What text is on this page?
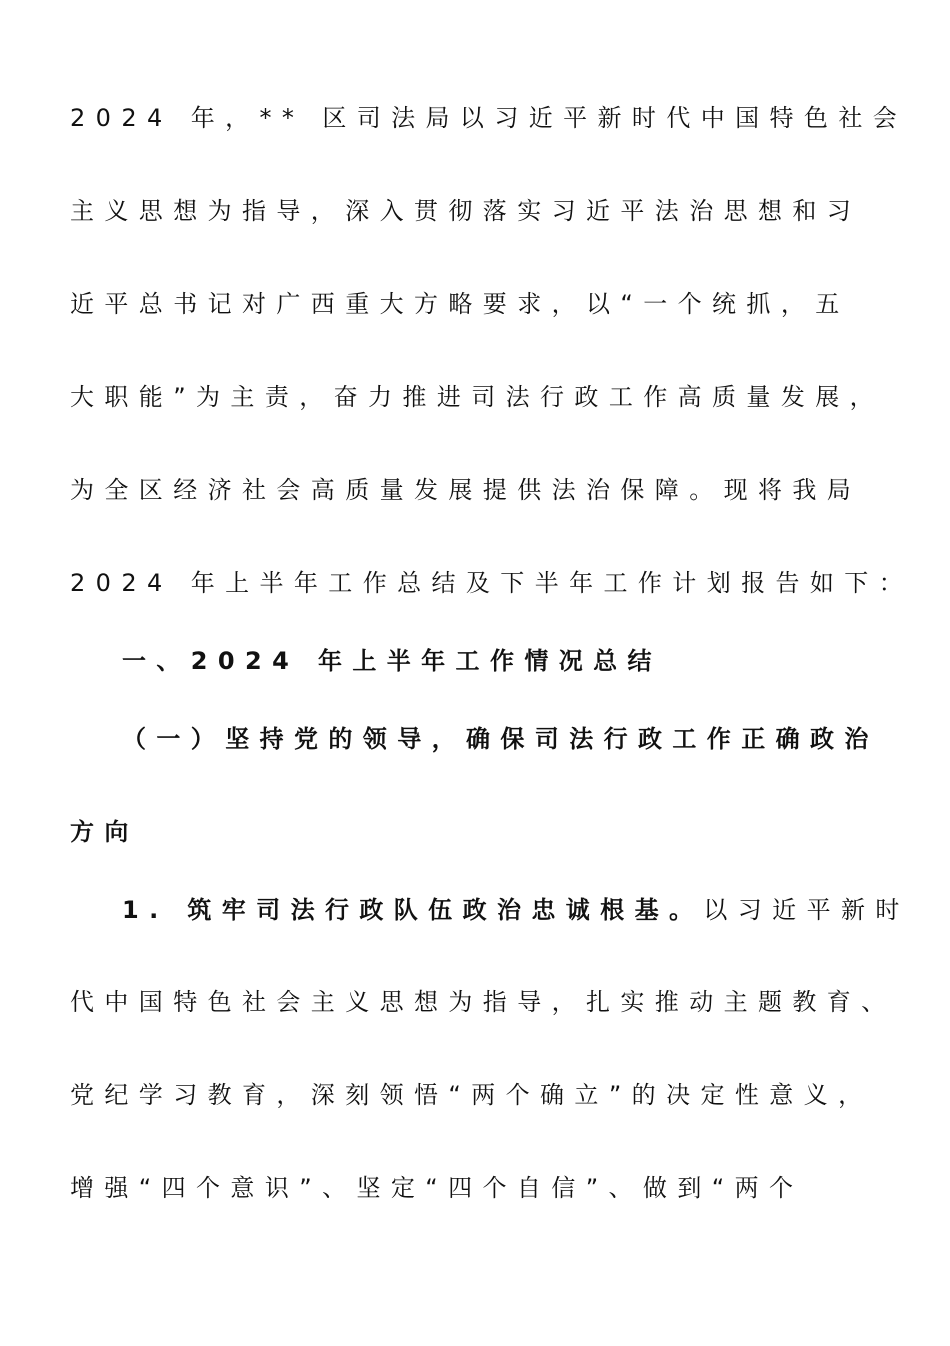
2024 年，** 区司法局以习近平新时代中国特色社会
主义思想为指导，深入贯彻落实习近平法治思想和习
近平总书记对广西重大方略要求，以“一个统抓，五
大职能”为主责，奋力推进司法行政工作高质量发展，
为全区经济社会高质量发展提供法治保障。现将我局
2024 年上半年工作总结及下半年工作计划报告如下：
一、2024 年上半年工作情况总结
（一）坚持党的领导，确保司法行政工作正确政治
方向
1. 筑牢司法行政队伍政治忠诚根基。以习近平新时
代中国特色社会主义思想为指导，扎实推动主题教育、
党纪学习教育，深刻领悟“两个确立”的决定性意义，
增强“四个意识”、坚定“四个自信”、做到“两个
